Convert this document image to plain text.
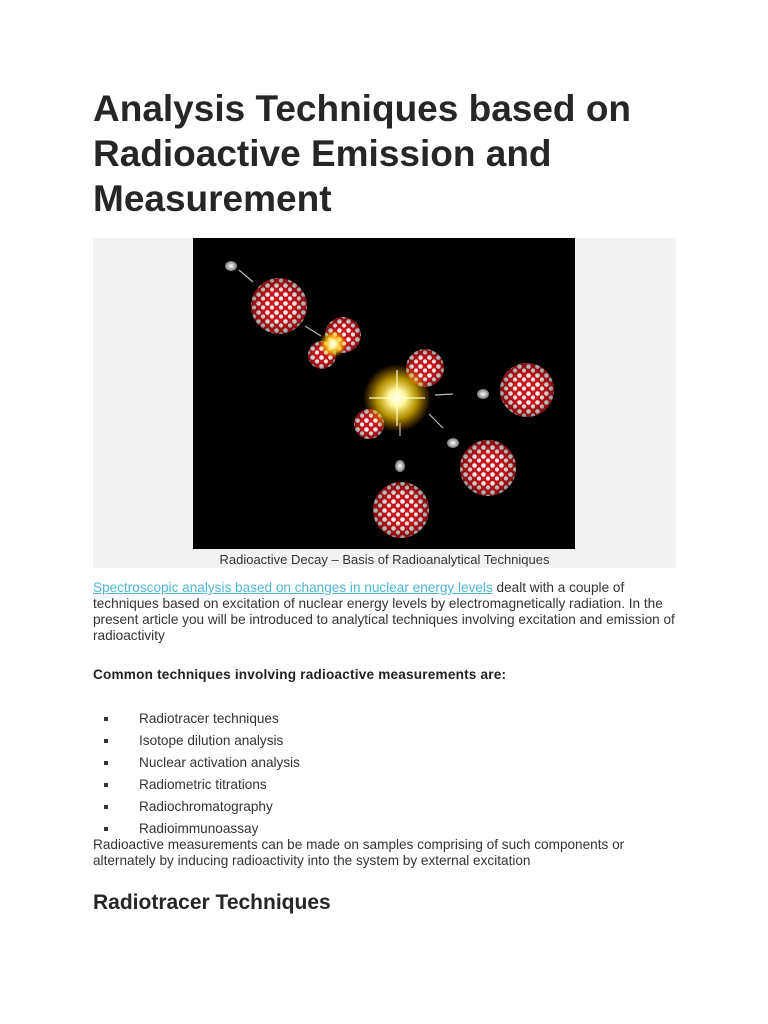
Analysis Techniques based on Radioactive Emission and Measurement
Radioactive Decay – Basis of Radioanalytical Techniques

Spectroscopic analysis based on changes in nuclear energy levels dealt with a couple of techniques based on excitation of nuclear energy levels by electromagnetically radiation. In the present article you will be introduced to analytical techniques involving excitation and emission of radioactivity

Common techniques involving radioactive measurements are:

Radiotracer techniques
Isotope dilution analysis
Nuclear activation analysis
Radiometric titrations
Radiochromatography
Radioimmunoassay

Radioactive measurements can be made on samples comprising of such components or alternately by inducing radioactivity into the system by external excitation

Radiotracer Techniques
